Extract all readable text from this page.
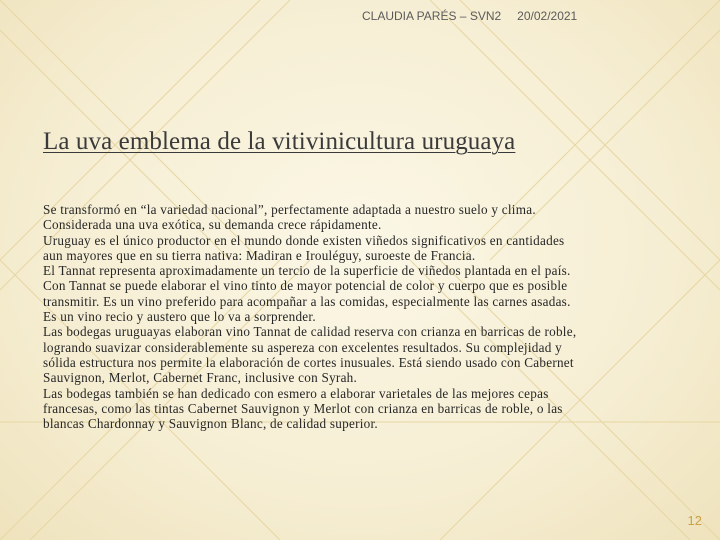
CLAUDIA PARÉS – SVN2 20/02/2021
La uva emblema de la vitivinicultura uruguaya
Se transformó en “la variedad nacional”, perfectamente adaptada a nuestro suelo y clima.
Considerada una uva exótica, su demanda crece rápidamente.
Uruguay es el único productor en el mundo donde existen viñedos significativos en cantidades
aun mayores que en su tierra nativa: Madiran e Irouléguy, suroeste de Francia.
El Tannat representa aproximadamente un tercio de la superficie de viñedos plantada en el país.
Con Tannat se puede elaborar el vino tinto de mayor potencial de color y cuerpo que es posible
transmitir. Es un vino preferido para acompañar a las comidas, especialmente las carnes asadas.
Es un vino recio y austero que lo va a sorprender.
Las bodegas uruguayas elaboran vino Tannat de calidad reserva con crianza en barricas de roble,
logrando suavizar considerablemente su aspereza con excelentes resultados. Su complejidad y
sólida estructura nos permite la elaboración de cortes inusuales. Está siendo usado con Cabernet
Sauvignon, Merlot, Cabernet Franc, inclusive con Syrah.
Las bodegas también se han dedicado con esmero a elaborar varietales de las mejores cepas
francesas, como las tintas Cabernet Sauvignon y Merlot con crianza en barricas de roble, o las
blancas Chardonnay y Sauvignon Blanc, de calidad superior.
12
